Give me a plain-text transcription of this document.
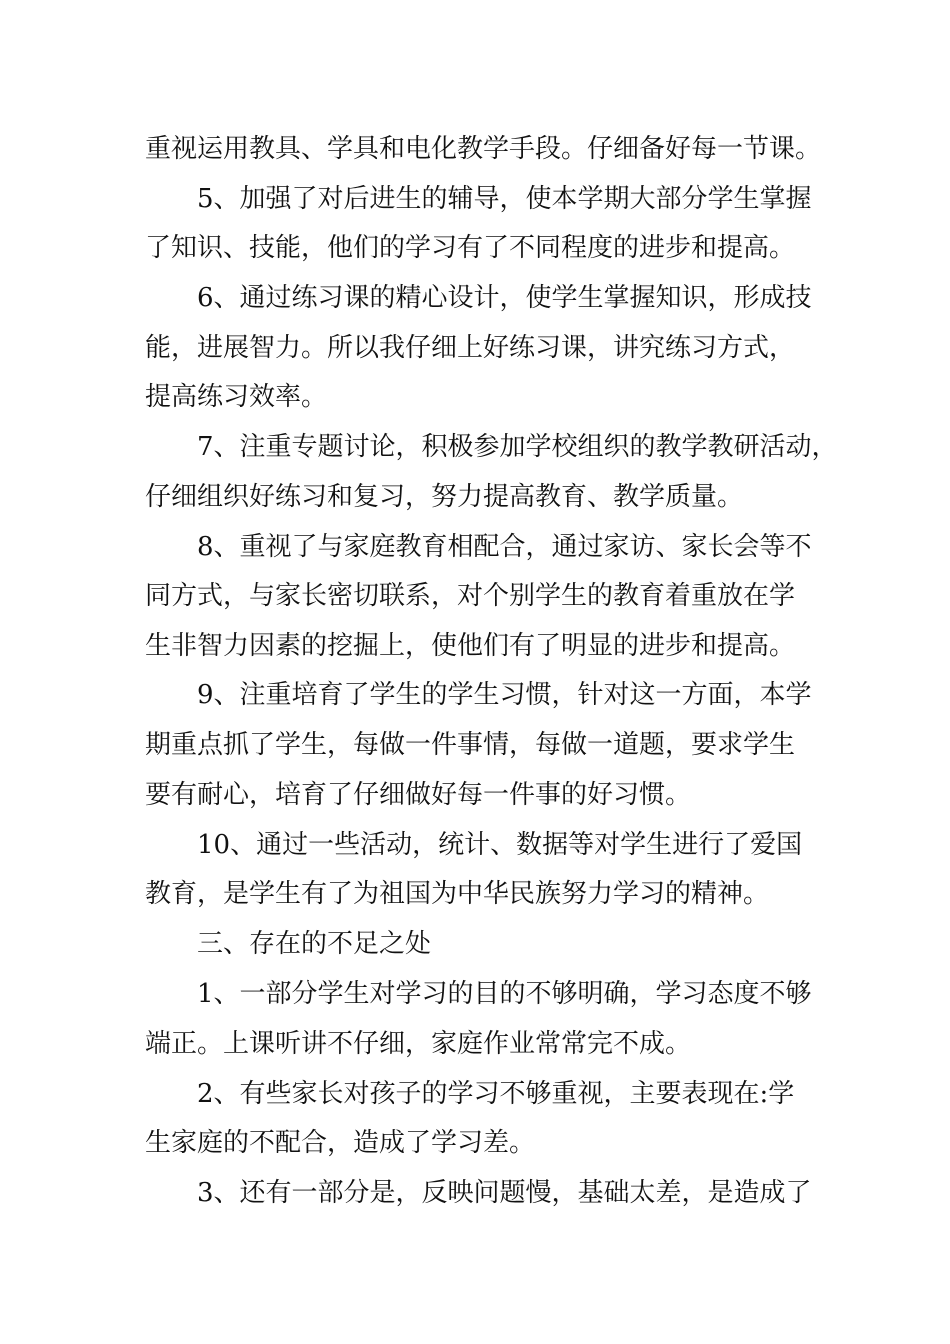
重视运用教具、学具和电化教学手段。仔细备好每一节课。
5、加强了对后进生的辅导，使本学期大部分学生掌握
了知识、技能，他们的学习有了不同程度的进步和提高。
6、通过练习课的精心设计，使学生掌握知识，形成技
能，进展智力。所以我仔细上好练习课，讲究练习方式，
提高练习效率。
7、注重专题讨论，积极参加学校组织的教学教研活动，
仔细组织好练习和复习，努力提高教育、教学质量。
8、重视了与家庭教育相配合，通过家访、家长会等不
同方式，与家长密切联系，对个别学生的教育着重放在学
生非智力因素的挖掘上，使他们有了明显的进步和提高。
9、注重培育了学生的学生习惯，针对这一方面，本学
期重点抓了学生，每做一件事情，每做一道题，要求学生
要有耐心，培育了仔细做好每一件事的好习惯。
10、通过一些活动，统计、数据等对学生进行了爱国
教育，是学生有了为祖国为中华民族努力学习的精神。
三、存在的不足之处
1、一部分学生对学习的目的不够明确，学习态度不够
端正。上课听讲不仔细，家庭作业常常完不成。
2、有些家长对孩子的学习不够重视，主要表现在:学
生家庭的不配合，造成了学习差。
3、还有一部分是，反映问题慢，基础太差，是造成了
